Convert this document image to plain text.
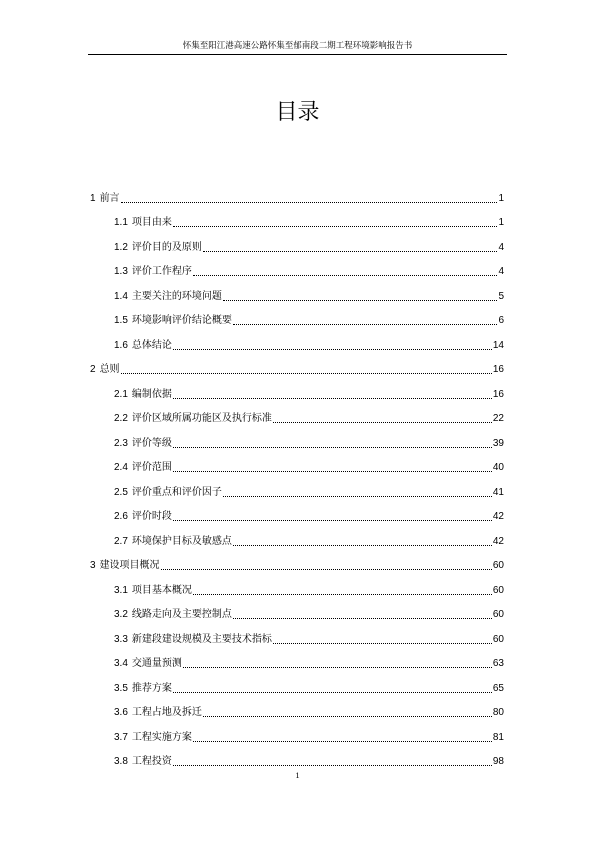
怀集至阳江港高速公路怀集至郁南段二期工程环境影响报告书
目录
1 前言	1
1.1 项目由来	1
1.2 评价目的及原则	4
1.3 评价工作程序	4
1.4 主要关注的环境问题	5
1.5 环境影响评价结论概要	6
1.6 总体结论	14
2 总则	16
2.1 编制依据	16
2.2 评价区域所属功能区及执行标准	22
2.3 评价等级	39
2.4 评价范围	40
2.5 评价重点和评价因子	41
2.6 评价时段	42
2.7 环境保护目标及敏感点	42
3 建设项目概况	60
3.1 项目基本概况	60
3.2 线路走向及主要控制点	60
3.3 新建段建设规模及主要技术指标	60
3.4 交通量预测	63
3.5 推荐方案	65
3.6 工程占地及拆迁	80
3.7 工程实施方案	81
3.8 工程投资	98
1
